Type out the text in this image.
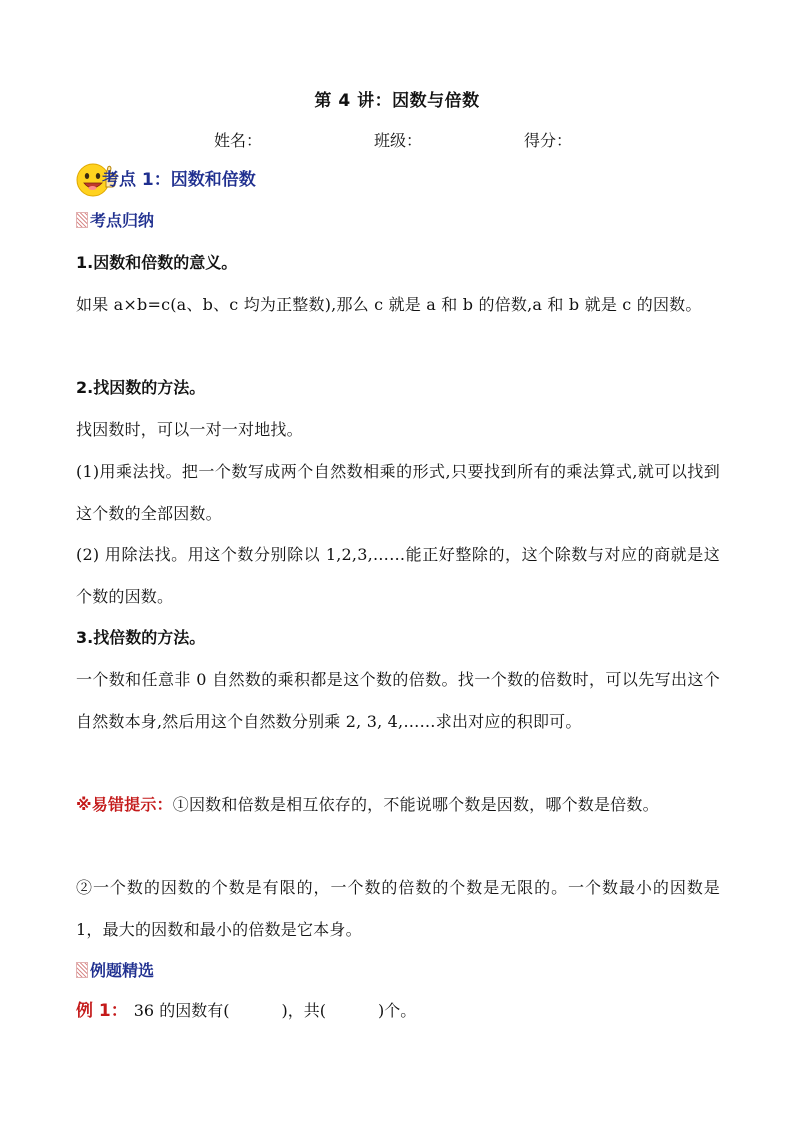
第 4 讲：因数与倍数
姓名：	班级：	得分：
考点 1：因数和倍数
考点归纳
1.因数和倍数的意义。
如果 a×b=c(a、b、c 均为正整数),那么 c 就是 a 和 b 的倍数,a 和 b 就是 c 的因数。
2.找因数的方法。
找因数时，可以一对一对地找。
(1)用乘法找。把一个数写成两个自然数相乘的形式,只要找到所有的乘法算式,就可以找到这个数的全部因数。
(2) 用除法找。用这个数分别除以 1,2,3,……能正好整除的，这个除数与对应的商就是这个数的因数。
3.找倍数的方法。
一个数和任意非 0 自然数的乘积都是这个数的倍数。找一个数的倍数时，可以先写出这个自然数本身,然后用这个自然数分别乘 2, 3, 4,……求出对应的积即可。
※易错提示：①因数和倍数是相互依存的，不能说哪个数是因数，哪个数是倍数。
②一个数的因数的个数是有限的，一个数的倍数的个数是无限的。一个数最小的因数是 1，最大的因数和最小的倍数是它本身。
例题精选
例 1： 36 的因数有(	)，共(	)个。
